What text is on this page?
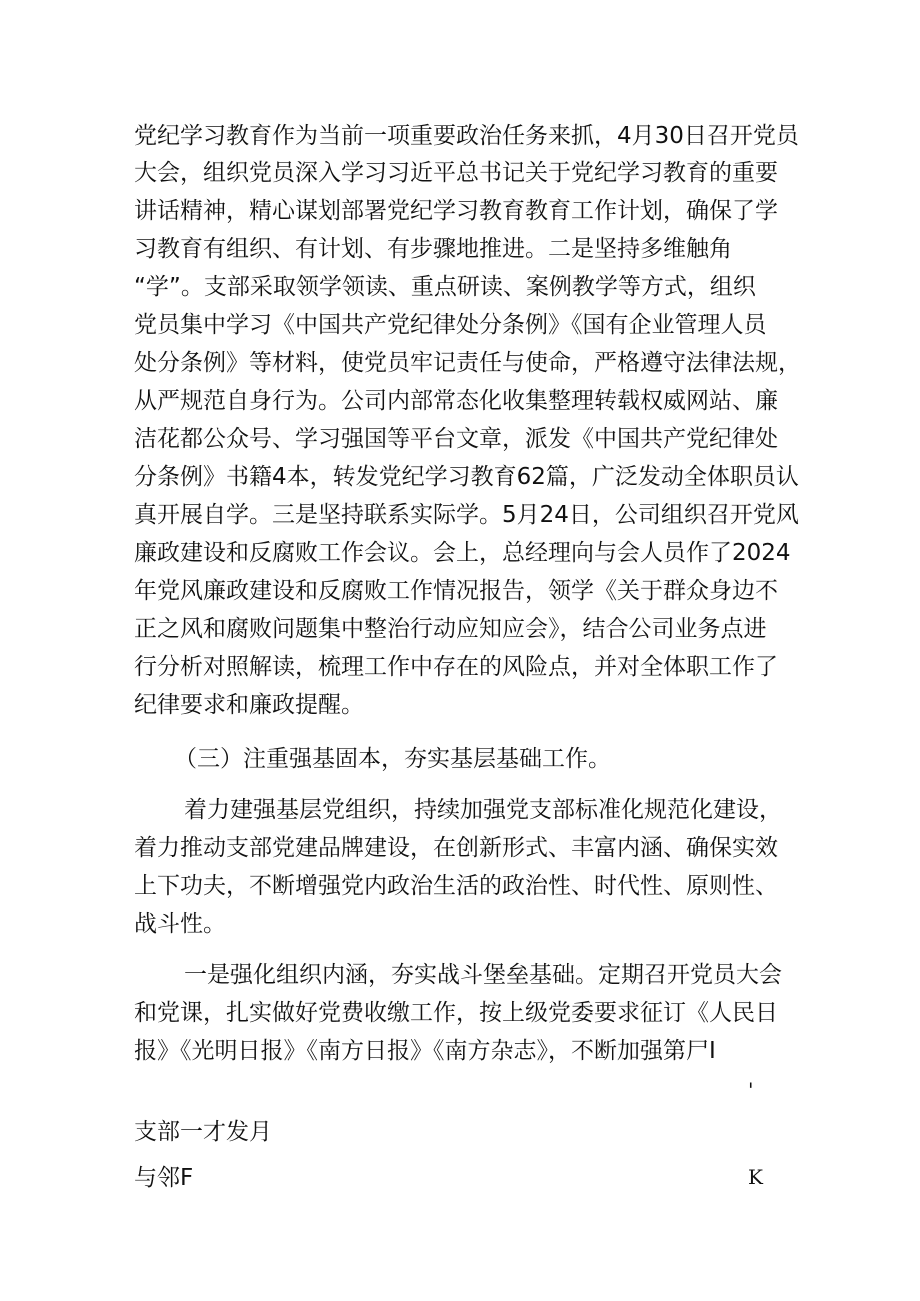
党纪学习教育作为当前一项重要政治任务来抓，4月30日召开党员
大会，组织党员深入学习习近平总书记关于党纪学习教育的重要
讲话精神，精心谋划部署党纪学习教育教育工作计划，确保了学
习教育有组织、有计划、有步骤地推进。二是坚持多维触角
“学”。支部采取领学领读、重点研读、案例教学等方式，组织
党员集中学习《中国共产党纪律处分条例》《国有企业管理人员
处分条例》等材料，使党员牢记责任与使命，严格遵守法律法规，
从严规范自身行为。公司内部常态化收集整理转载权威网站、廉
洁花都公众号、学习强国等平台文章，派发《中国共产党纪律处
分条例》书籍4本，转发党纪学习教育62篇，广泛发动全体职员认
真开展自学。三是坚持联系实际学。5月24日，公司组织召开党风
廉政建设和反腐败工作会议。会上，总经理向与会人员作了2024
年党风廉政建设和反腐败工作情况报告，领学《关于群众身边不
正之风和腐败问题集中整治行动应知应会》，结合公司业务点进
行分析对照解读，梳理工作中存在的风险点，并对全体职工作了
纪律要求和廉政提醒。
（三）注重强基固本，夯实基层基础工作。
着力建强基层党组织，持续加强党支部标准化规范化建设，
着力推动支部党建品牌建设，在创新形式、丰富内涵、确保实效
上下功夫，不断增强党内政治生活的政治性、时代性、原则性、
战斗性。
一是强化组织内涵，夯实战斗堡垒基础。定期召开党员大会
和党课，扎实做好党费收缴工作，按上级党委要求征订《人民日
报》《光明日报》《南方日报》《南方杂志》，不断加强第尸I
'
支部一才发月
与邻F	K
